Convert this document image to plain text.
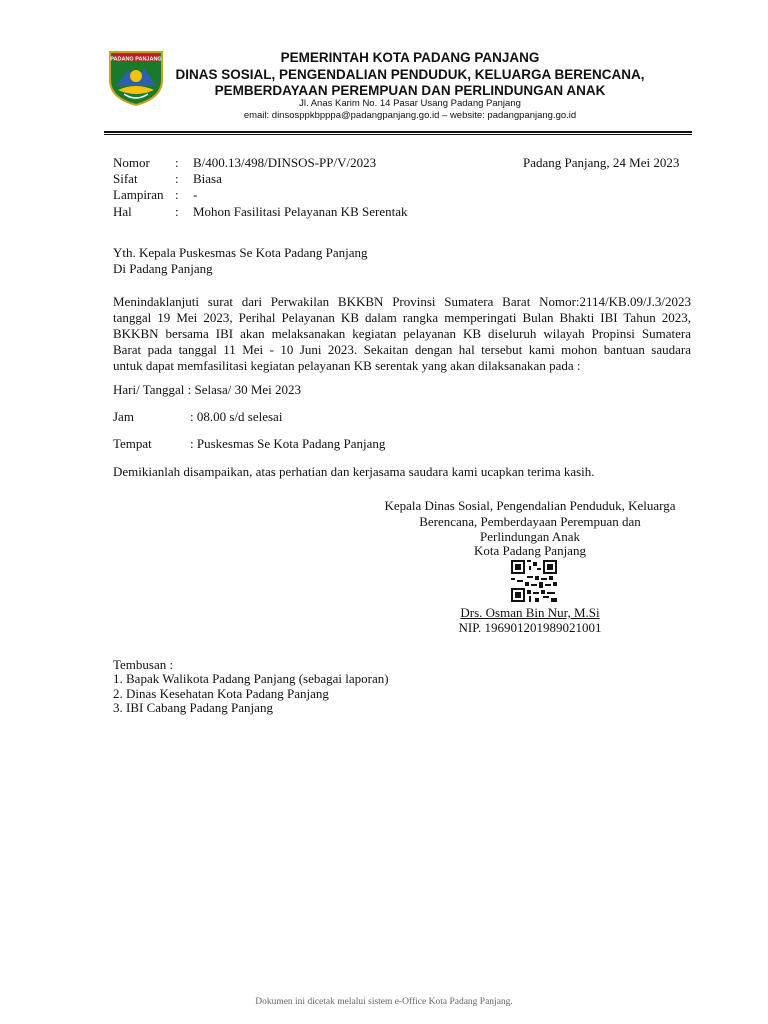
PADANG PANJANG	PEMERINTAH KOTA PADANG PANJANG
DINAS SOSIAL, PENGENDALIAN PENDUDUK, KELUARGA BERENCANA,
PEMBERDAYAAN PEREMPUAN DAN PERLINDUNGAN ANAK
Jl. Anas Karim No. 14 Pasar Usang Padang Panjang
email: dinsosppkbpppa@padangpanjang.go.id – website: padangpanjang.go.id
Nomor : B/400.13/498/DINSOS-PP/V/2023	Padang Panjang, 24 Mei 2023
Sifat	: Biasa
Lampiran : -
Hal	: Mohon Fasilitasi Pelayanan KB Serentak
Yth. Kepala Puskesmas Se Kota Padang Panjang
Di Padang Panjang
Menindaklanjuti surat dari Perwakilan BKKBN Provinsi Sumatera Barat Nomor:2114/KB.09/J.3/2023
tanggal 19 Mei 2023, Perihal Pelayanan KB dalam rangka memperingati Bulan Bhakti IBI Tahun 2023,
BKKBN bersama IBI akan melaksanakan kegiatan pelayanan KB diseluruh wilayah Propinsi Sumatera
Barat pada tanggal 11 Mei - 10 Juni 2023. Sekaitan dengan hal tersebut kami mohon bantuan saudara
untuk dapat memfasilitasi kegiatan pelayanan KB serentak yang akan dilaksanakan pada :
Hari/ Tanggal : Selasa/ 30 Mei 2023
Jam	: 08.00 s/d selesai
Tempat	: Puskesmas Se Kota Padang Panjang
Demikianlah disampaikan, atas perhatian dan kerjasama saudara kami ucapkan terima kasih.
Kepala Dinas Sosial, Pengendalian Penduduk, Keluarga
Berencana, Pemberdayaan Perempuan dan
Perlindungan Anak
Kota Padang Panjang
Drs. Osman Bin Nur, M.Si
NIP. 196901201989021001
Tembusan :
1. Bapak Walikota Padang Panjang (sebagai laporan)
2. Dinas Kesehatan Kota Padang Panjang
3. IBI Cabang Padang Panjang
Dokumen ini dicetak melalui sistem e-Office Kota Padang Panjang.
